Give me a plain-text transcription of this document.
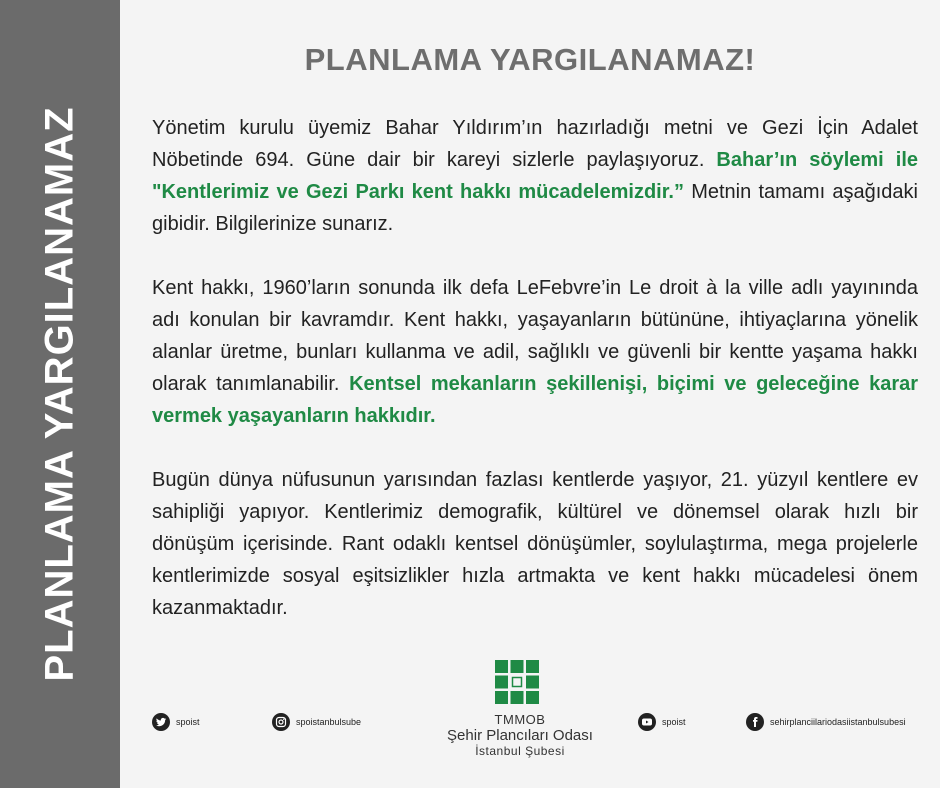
PLANLAMA YARGILANAMAZ
PLANLAMA YARGILANAMAZ!

Yönetim kurulu üyemiz Bahar Yıldırım’ın hazırladığı metni ve Gezi İçin Adalet Nöbetinde 694. Güne dair bir kareyi sizlerle paylaşıyoruz. Bahar’ın söylemi ile "Kentlerimiz ve Gezi Parkı kent hakkı mücadelemizdir.” Metnin tamamı aşağıdaki gibidir. Bilgilerinize sunarız.

Kent hakkı, 1960’ların sonunda ilk defa LeFebvre’in Le droit à la ville adlı yayınında adı konulan bir kavramdır. Kent hakkı, yaşayanların bütününe, ihtiyaçlarına yönelik alanlar üretme, bunları kullanma ve adil, sağlıklı ve güvenli bir kentte yaşama hakkı olarak tanımlanabilir. Kentsel mekanların şekillenişi, biçimi ve geleceğine karar vermek yaşayanların hakkıdır.

Bugün dünya nüfusunun yarısından fazlası kentlerde yaşıyor, 21. yüzyıl kentlere ev sahipliği yapıyor. Kentlerimiz demografik, kültürel ve dönemsel olarak hızlı bir dönüşüm içerisinde. Rant odaklı kentsel dönüşümler, soylulaştırma, mega projelerle kentlerimizde sosyal eşitsizlikler hızla artmakta ve kent hakkı mücadelesi önem kazanmaktadır.

spoist	spoistanbulsube	TMMOB
Şehir Plancıları Odası
İstanbul Şubesi
spoist	sehirplanciilariodasiistanbulsubesi
